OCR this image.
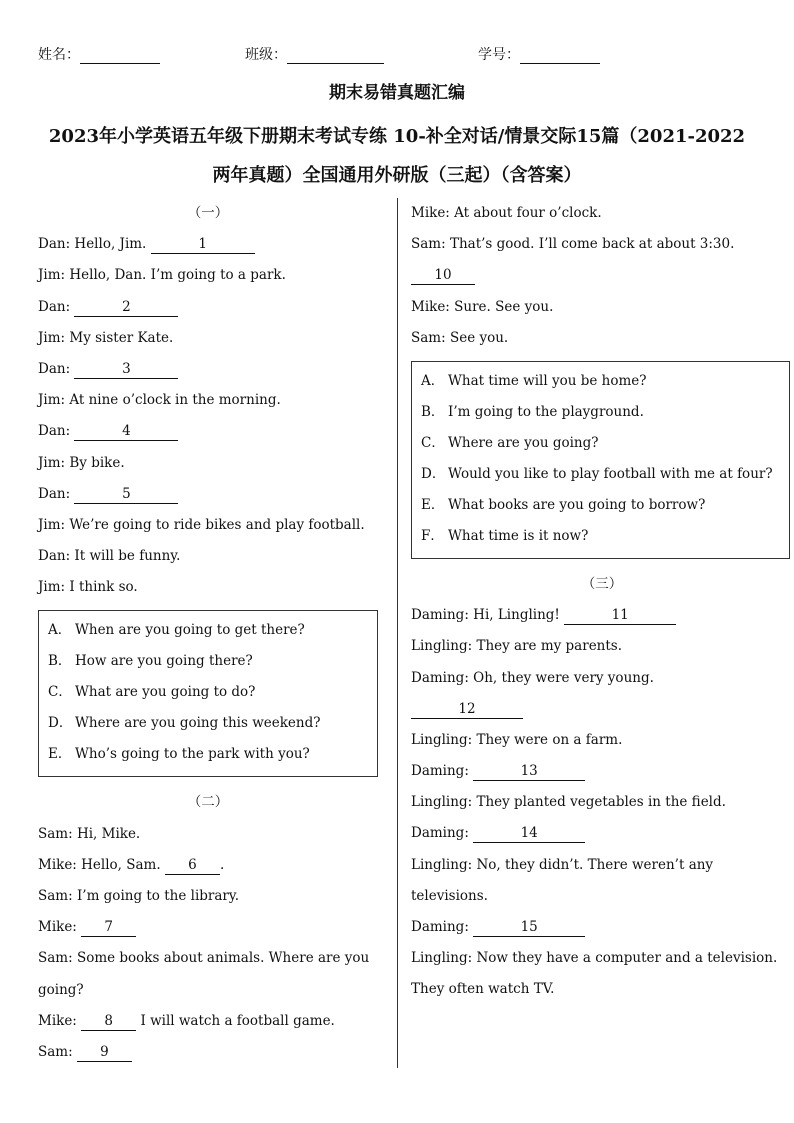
姓名：	班级：	学号：
期末易错真题汇编
2023年小学英语五年级下册期末考试专练 10-补全对话/情景交际15篇（2021-2022
两年真题）全国通用外研版（三起）（含答案）
（一）
Dan: Hello, Jim.	1
Jim: Hello, Dan. I’m going to a park.
Dan:	2
Jim: My sister Kate.
Dan:	3
Jim: At nine o’clock in the morning.
Dan:	4
Jim: By bike.
Dan:	5
Jim: We’re going to ride bikes and play football.
Dan: It will be funny.
Jim: I think so.
A． When are you going to get there?
B． How are you going there?
C． What are you going to do?
D． Where are you going this weekend?
E． Who’s going to the park with you?
（二）
Sam: Hi, Mike.
Mike: Hello, Sam. 6 .
Sam: I’m going to the library.
Mike: 7
Sam: Some books about animals. Where are you
going?
Mike: 8 I will watch a football game.
Sam: 9
Mike: At about four o’clock.
Sam: That’s good. I’ll come back at about 3:30.
10
Mike: Sure. See you.
Sam: See you.
A． What time will you be home?
B． I’m going to the playground.
C． Where are you going?
D． Would you like to play football with me at four?
E． What books are you going to borrow?
F． What time is it now?
（三）
Daming: Hi, Lingling!	11
Lingling: They are my parents.
Daming: Oh, they were very young.
12
Lingling: They were on a farm.
Daming:	13
Lingling: They planted vegetables in the field.
Daming:	14
Lingling: No, they didn’t. There weren’t any
televisions.
Daming:	15
Lingling: Now they have a computer and a television.
They often watch TV.
